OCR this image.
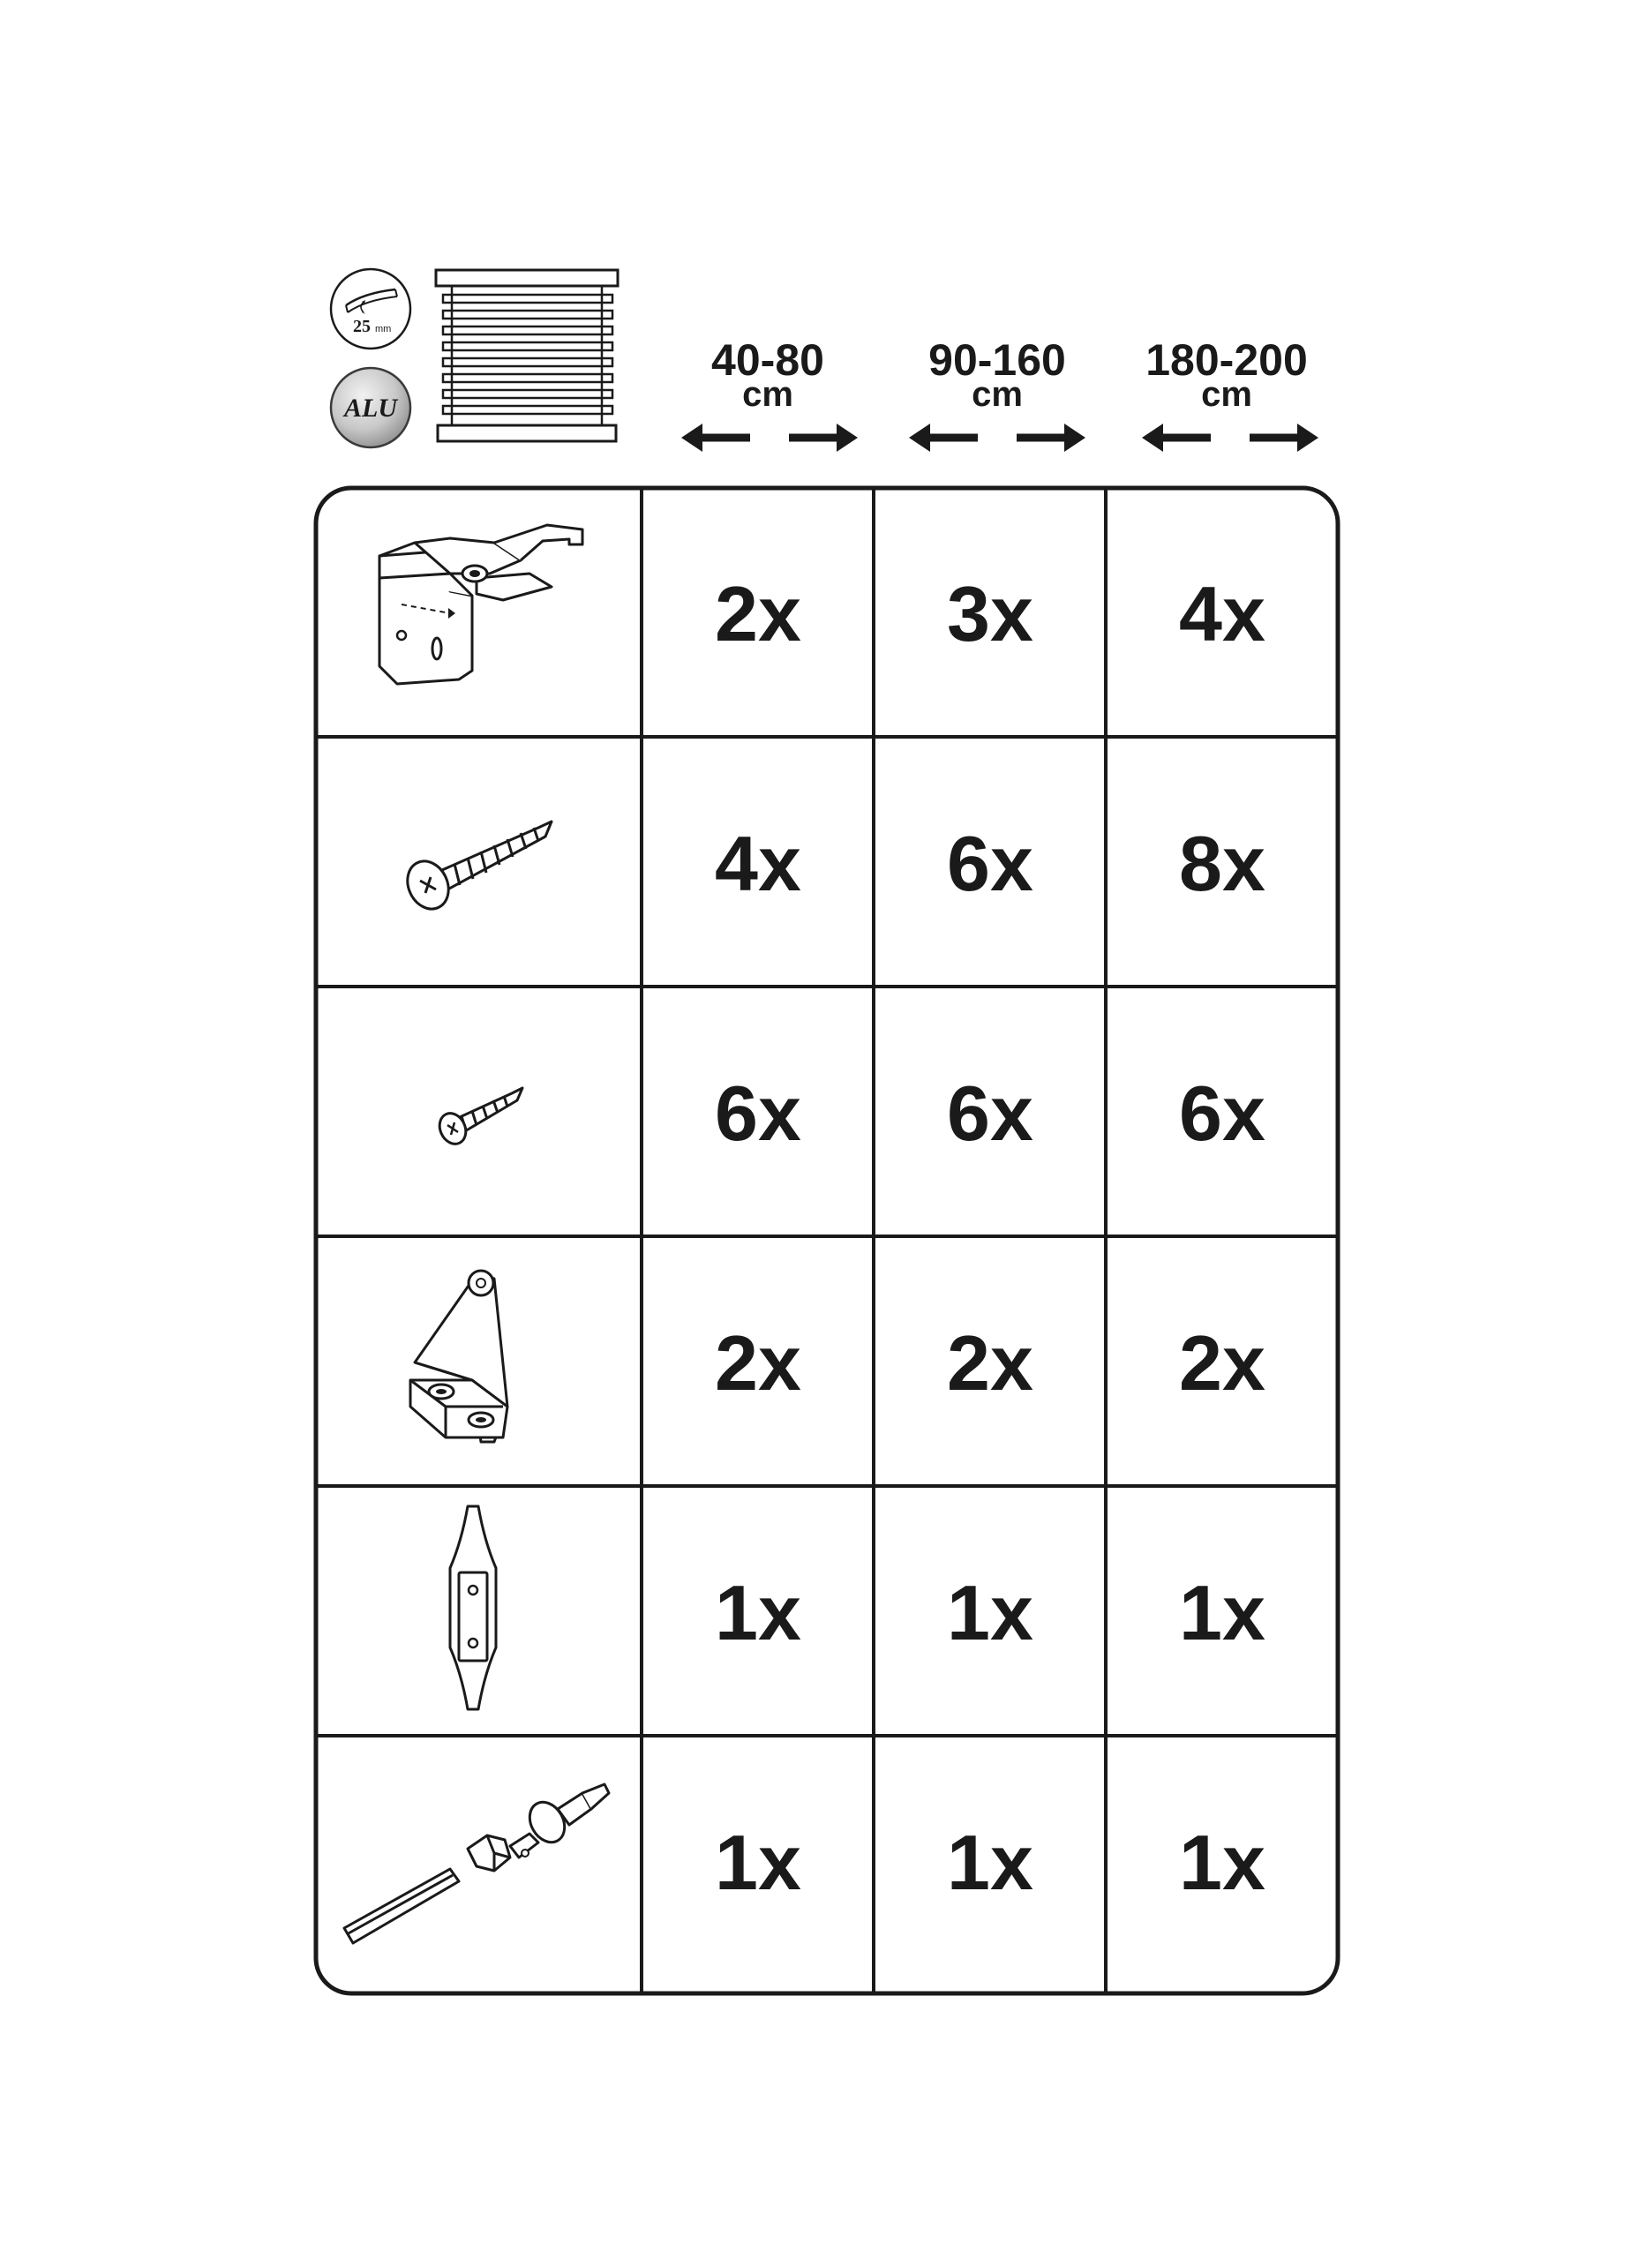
25 mm
ALU
40-80
cm
90-160
cm
180-200
cm
2x	3x	4x
4x	6x	8x
6x	6x	6x
2x	2x	2x
1x	1x	1x
1x	1x	1x
